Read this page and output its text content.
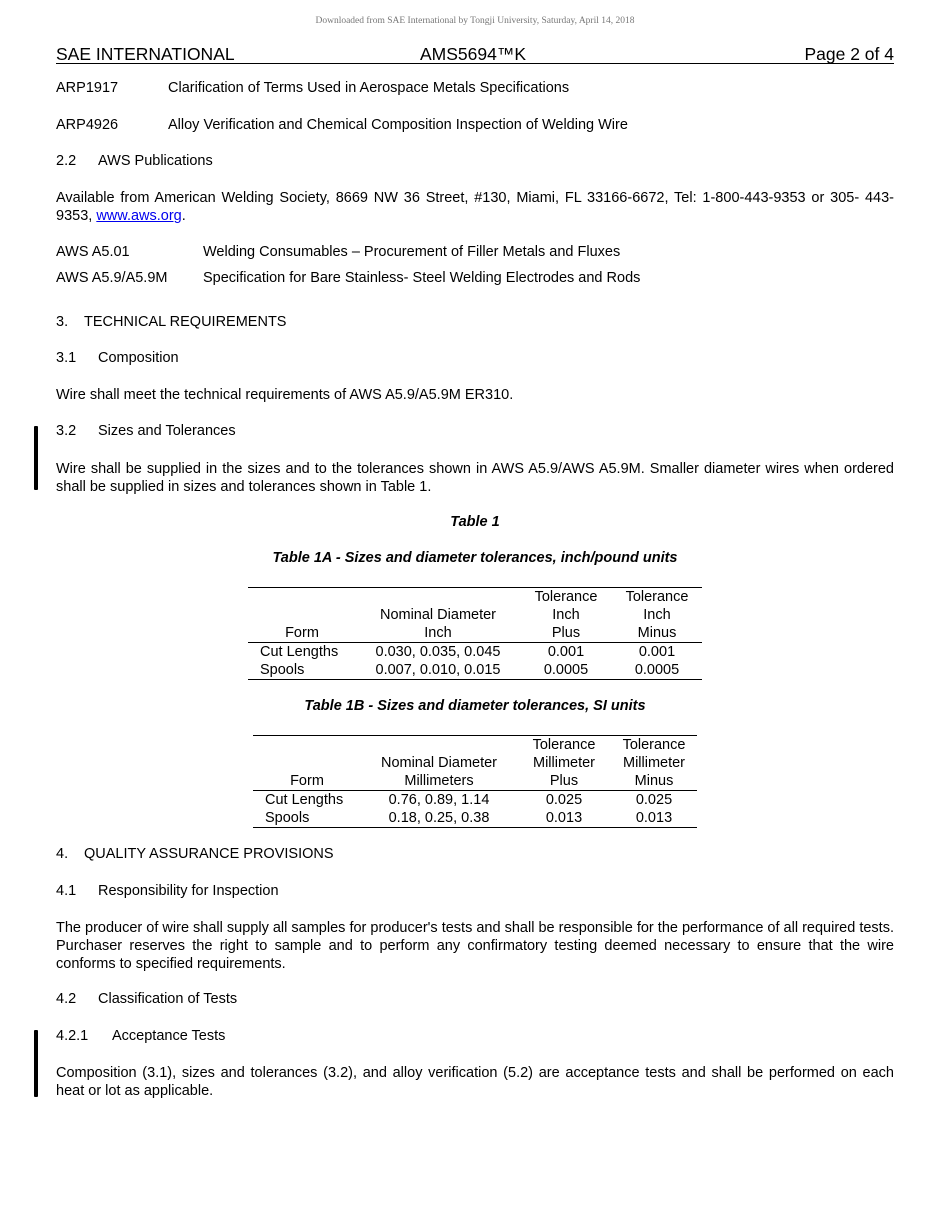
Downloaded from SAE International by Tongji University, Saturday, April 14, 2018
SAE INTERNATIONAL	AMS5694™K	Page 2 of 4
ARP1917	Clarification of Terms Used in Aerospace Metals Specifications
ARP4926	Alloy Verification and Chemical Composition Inspection of Welding Wire
2.2 AWS Publications
Available from American Welding Society, 8669 NW 36 Street, #130, Miami, FL 33166-6672, Tel: 1-800-443-9353 or 305- 443-9353, www.aws.org.
AWS A5.01	Welding Consumables – Procurement of Filler Metals and Fluxes
AWS A5.9/A5.9M Specification for Bare Stainless- Steel Welding Electrodes and Rods
3. TECHNICAL REQUIREMENTS
3.1 Composition
Wire shall meet the technical requirements of AWS A5.9/A5.9M ER310.
3.2 Sizes and Tolerances
Wire shall be supplied in the sizes and to the tolerances shown in AWS A5.9/AWS A5.9M. Smaller diameter wires when ordered shall be supplied in sizes and tolerances shown in Table 1.
Table 1
Table 1A - Sizes and diameter tolerances, inch/pound units
		Tolerance	Tolerance
	Nominal Diameter	Inch	Inch
Form	Inch	Plus	Minus
Cut Lengths	0.030, 0.035, 0.045	0.001	0.001
Spools	0.007, 0.010, 0.015	0.0005	0.0005
Table 1B - Sizes and diameter tolerances, SI units
		Tolerance	Tolerance
	Nominal Diameter	Millimeter	Millimeter
Form	Millimeters	Plus	Minus
Cut Lengths	0.76, 0.89, 1.14	0.025	0.025
Spools	0.18, 0.25, 0.38	0.013	0.013
4. QUALITY ASSURANCE PROVISIONS
4.1 Responsibility for Inspection
The producer of wire shall supply all samples for producer's tests and shall be responsible for the performance of all required tests. Purchaser reserves the right to sample and to perform any confirmatory testing deemed necessary to ensure that the wire conforms to specified requirements.
4.2 Classification of Tests
4.2.1 Acceptance Tests
Composition (3.1), sizes and tolerances (3.2), and alloy verification (5.2) are acceptance tests and shall be performed on each heat or lot as applicable.
